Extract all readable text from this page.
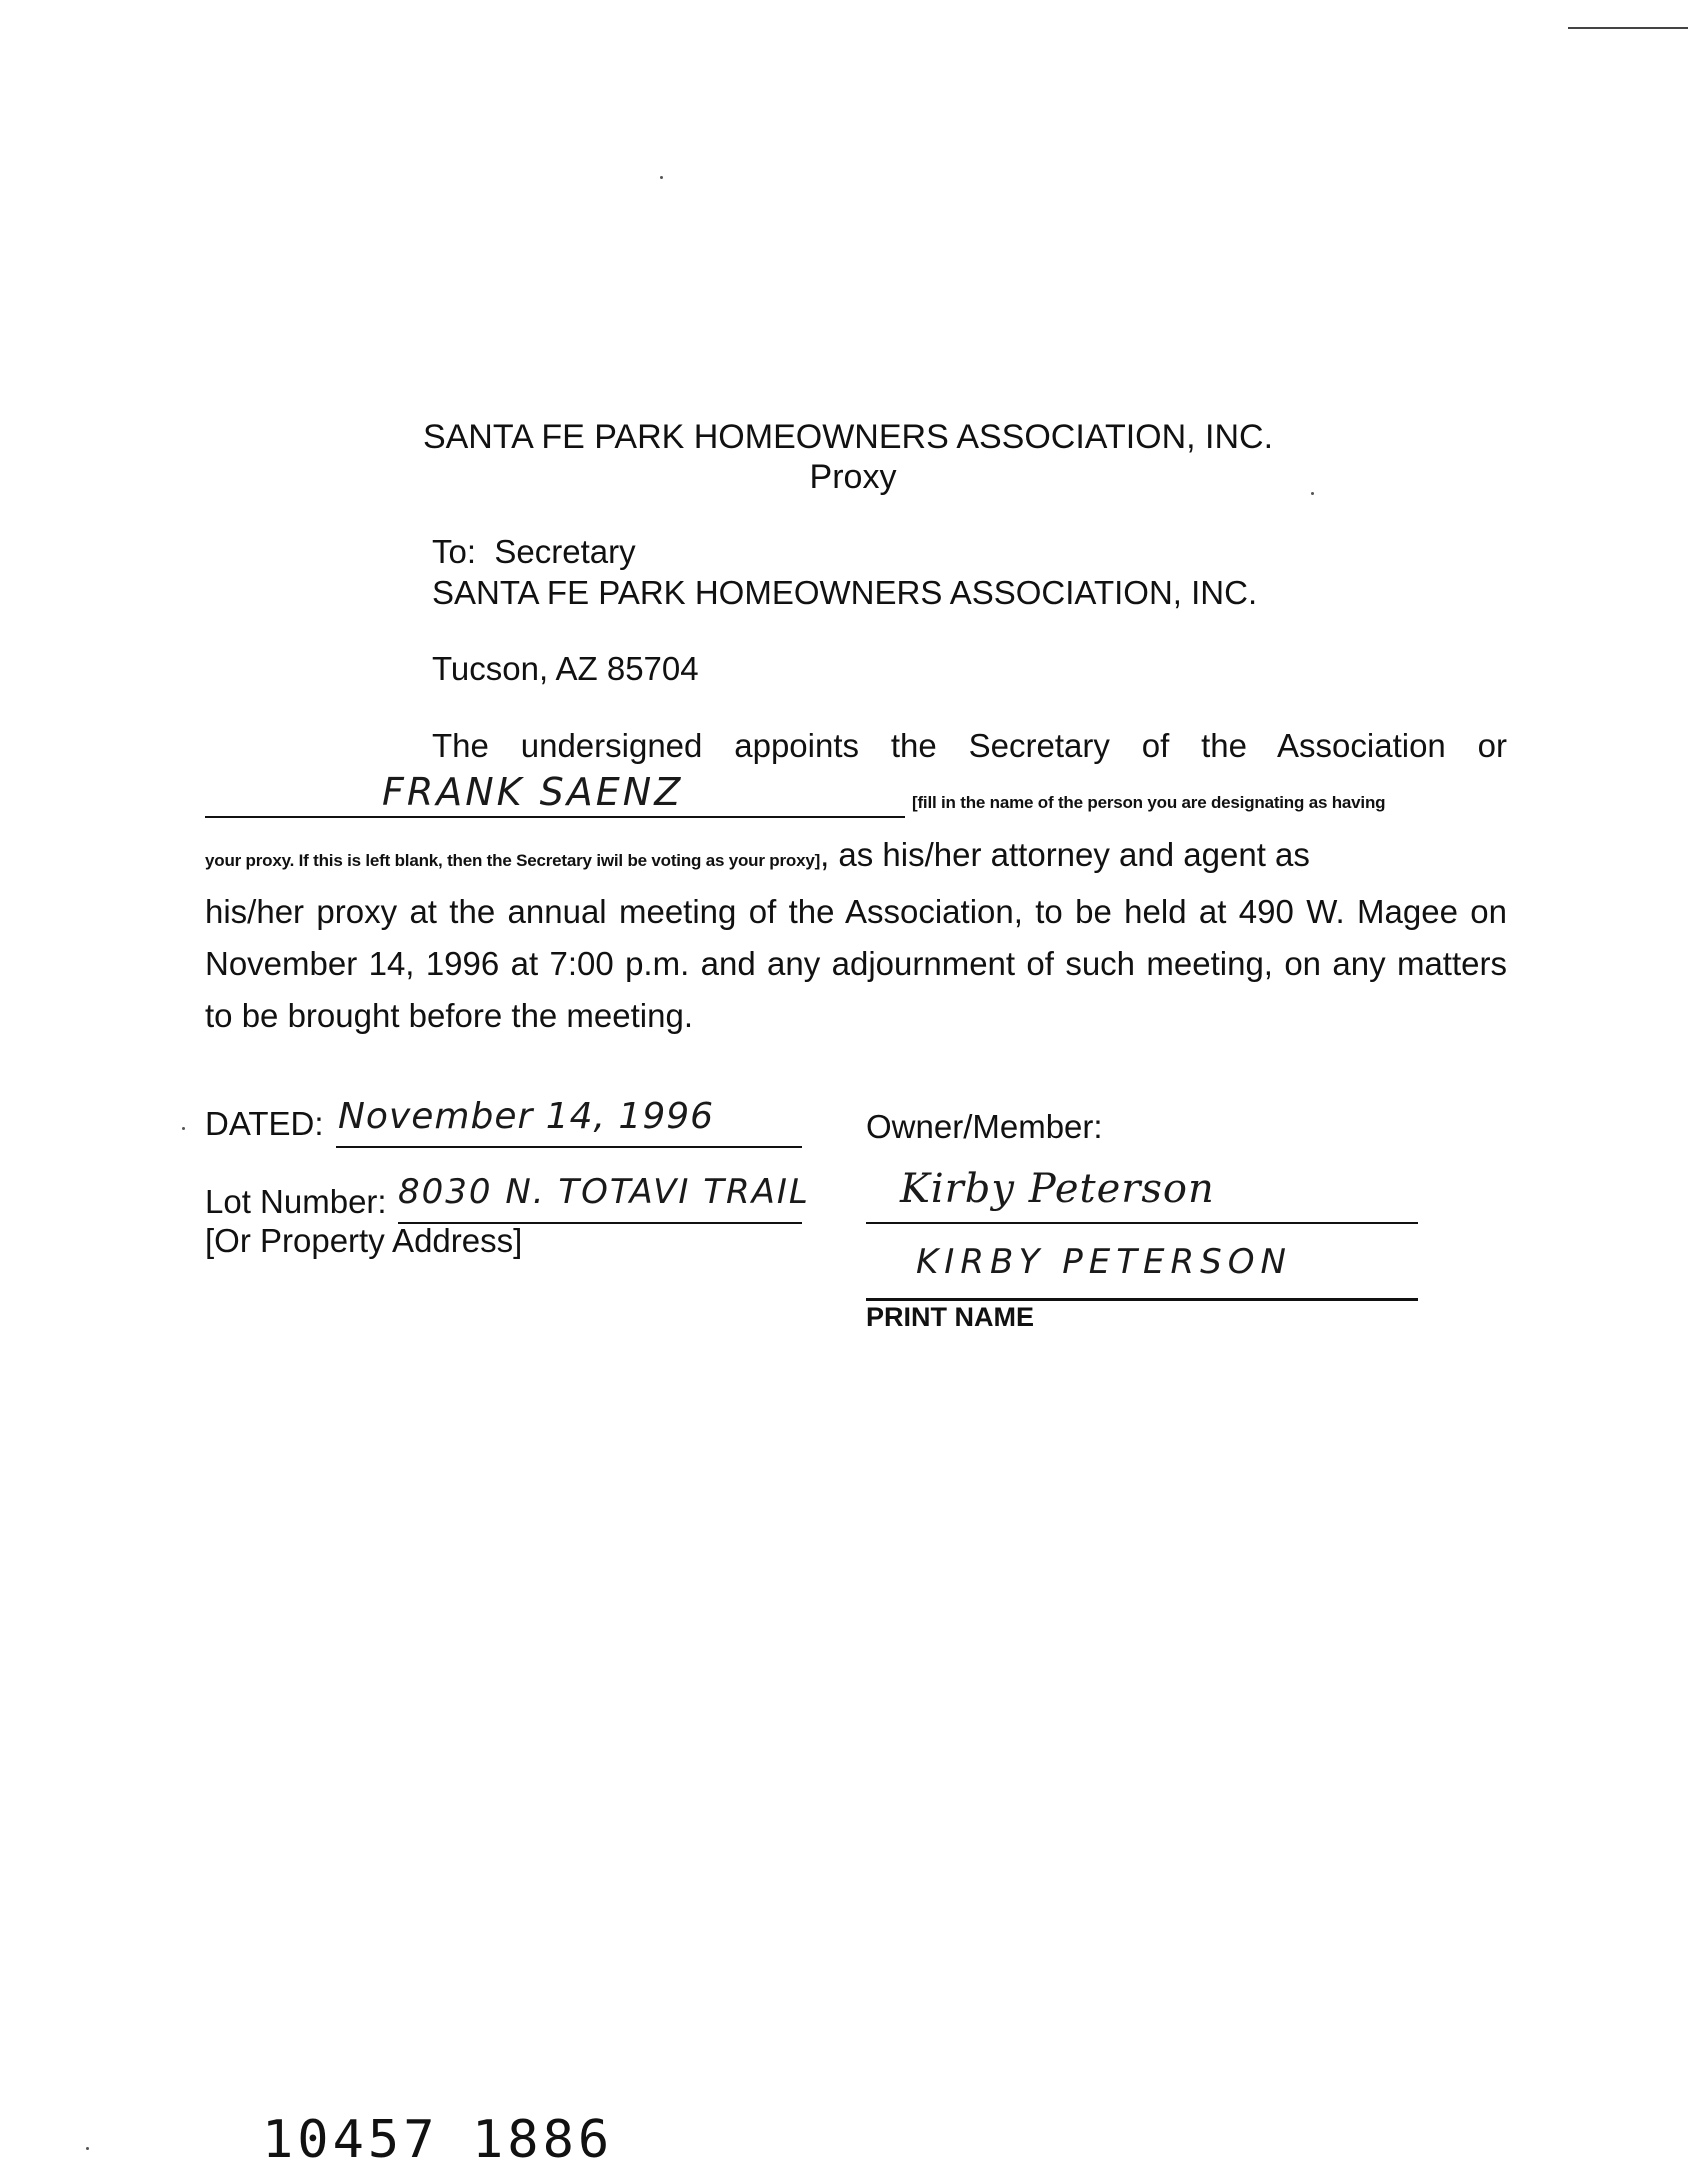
SANTA FE PARK HOMEOWNERS ASSOCIATION, INC.
Proxy
To: Secretary
SANTA FE PARK HOMEOWNERS ASSOCIATION, INC.
Tucson, AZ 85704
The undersigned appoints the Secretary of the Association or
FRANK SAENZ	[fill in the name of the person you are designating as having
your proxy. If this is left blank, then the Secretary iwil be voting as your proxy], as his/her attorney and agent as
his/her proxy at the annual meeting of the Association, to be held at 490 W. Magee on
November 14, 1996 at 7:00 p.m. and any adjournment of such meeting, on any matters
to be brought before the meeting.
DATED: November 14, 1996
Lot Number: 8030 N. TOTAVI TRAIL
[Or Property Address]
Owner/Member:
Kirby Peterson
KIRBY PETERSON
PRINT NAME
10457 1886
